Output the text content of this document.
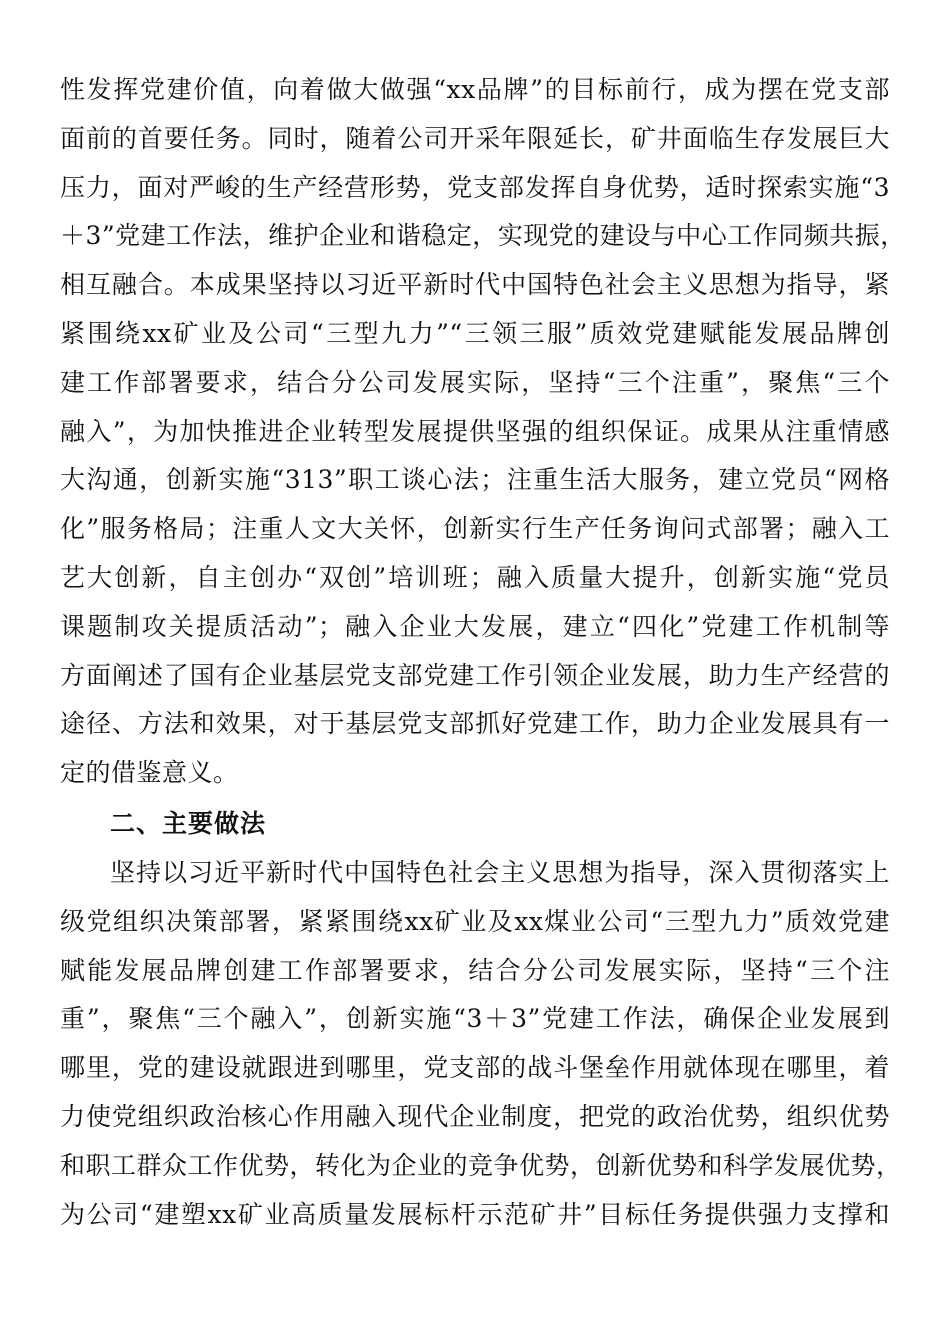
性发挥党建价值，向着做大做强“xx品牌”的目标前行，成为摆在党支部
面前的首要任务。同时，随着公司开采年限延长，矿井面临生存发展巨大
压力，面对严峻的生产经营形势，党支部发挥自身优势，适时探索实施“3
＋3”党建工作法，维护企业和谐稳定，实现党的建设与中心工作同频共振，
相互融合。本成果坚持以习近平新时代中国特色社会主义思想为指导，紧
紧围绕xx矿业及公司“三型九力”“三领三服”质效党建赋能发展品牌创
建工作部署要求，结合分公司发展实际，坚持“三个注重”，聚焦“三个
融入”，为加快推进企业转型发展提供坚强的组织保证。成果从注重情感
大沟通，创新实施“313”职工谈心法；注重生活大服务，建立党员“网格
化”服务格局；注重人文大关怀，创新实行生产任务询问式部署；融入工
艺大创新，自主创办“双创”培训班；融入质量大提升，创新实施“党员
课题制攻关提质活动”；融入企业大发展，建立“四化”党建工作机制等
方面阐述了国有企业基层党支部党建工作引领企业发展，助力生产经营的
途径、方法和效果，对于基层党支部抓好党建工作，助力企业发展具有一
定的借鉴意义。
二、主要做法
坚持以习近平新时代中国特色社会主义思想为指导，深入贯彻落实上
级党组织决策部署，紧紧围绕xx矿业及xx煤业公司“三型九力”质效党建
赋能发展品牌创建工作部署要求，结合分公司发展实际，坚持“三个注
重”，聚焦“三个融入”，创新实施“3＋3”党建工作法，确保企业发展到
哪里，党的建设就跟进到哪里，党支部的战斗堡垒作用就体现在哪里，着
力使党组织政治核心作用融入现代企业制度，把党的政治优势，组织优势
和职工群众工作优势，转化为企业的竞争优势，创新优势和科学发展优势，
为公司“建塑xx矿业高质量发展标杆示范矿井”目标任务提供强力支撑和
